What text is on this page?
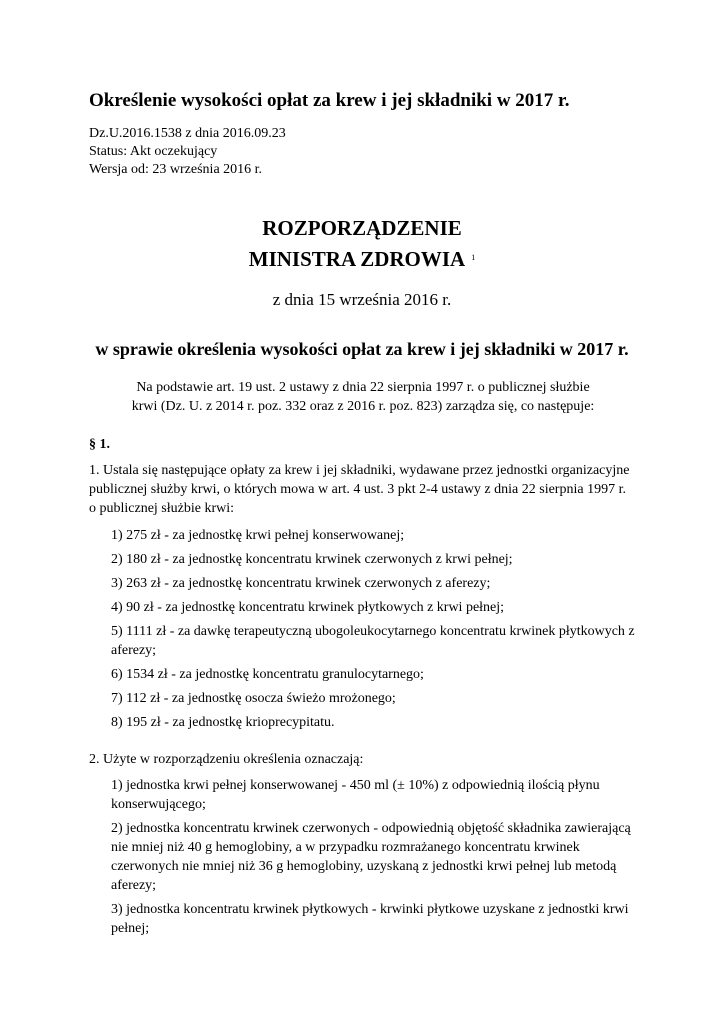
Określenie wysokości opłat za krew i jej składniki w 2017 r.
Dz.U.2016.1538 z dnia 2016.09.23
Status: Akt oczekujący
Wersja od: 23 września 2016 r.
ROZPORZĄDZENIE
MINISTRA ZDROWIA $^1$
z dnia 15 września 2016 r.
w sprawie określenia wysokości opłat za krew i jej składniki w 2017 r.
Na podstawie art. 19 ust. 2 ustawy z dnia 22 sierpnia 1997 r. o publicznej służbie krwi (Dz. U. z 2014 r. poz. 332 oraz z 2016 r. poz. 823) zarządza się, co następuje:
§ 1.
1. Ustala się następujące opłaty za krew i jej składniki, wydawane przez jednostki organizacyjne publicznej służby krwi, o których mowa w art. 4 ust. 3 pkt 2-4 ustawy z dnia 22 sierpnia 1997 r. o publicznej służbie krwi:
1) 275 zł - za jednostkę krwi pełnej konserwowanej;
2) 180 zł - za jednostkę koncentratu krwinek czerwonych z krwi pełnej;
3) 263 zł - za jednostkę koncentratu krwinek czerwonych z aferezy;
4) 90 zł - za jednostkę koncentratu krwinek płytkowych z krwi pełnej;
5) 1111 zł - za dawkę terapeutyczną ubogoleukocytarnego koncentratu krwinek płytkowych z aferezy;
6) 1534 zł - za jednostkę koncentratu granulocytarnego;
7) 112 zł - za jednostkę osocza świeżo mrożonego;
8) 195 zł - za jednostkę krioprecypitatu.
2. Użyte w rozporządzeniu określenia oznaczają:
1) jednostka krwi pełnej konserwowanej - 450 ml (± 10%) z odpowiednią ilością płynu konserwującego;
2) jednostka koncentratu krwinek czerwonych - odpowiednią objętość składnika zawierającą nie mniej niż 40 g hemoglobiny, a w przypadku rozmrażanego koncentratu krwinek czerwonych nie mniej niż 36 g hemoglobiny, uzyskaną z jednostki krwi pełnej lub metodą aferezy;
3) jednostka koncentratu krwinek płytkowych - krwinki płytkowe uzyskane z jednostki krwi pełnej;
